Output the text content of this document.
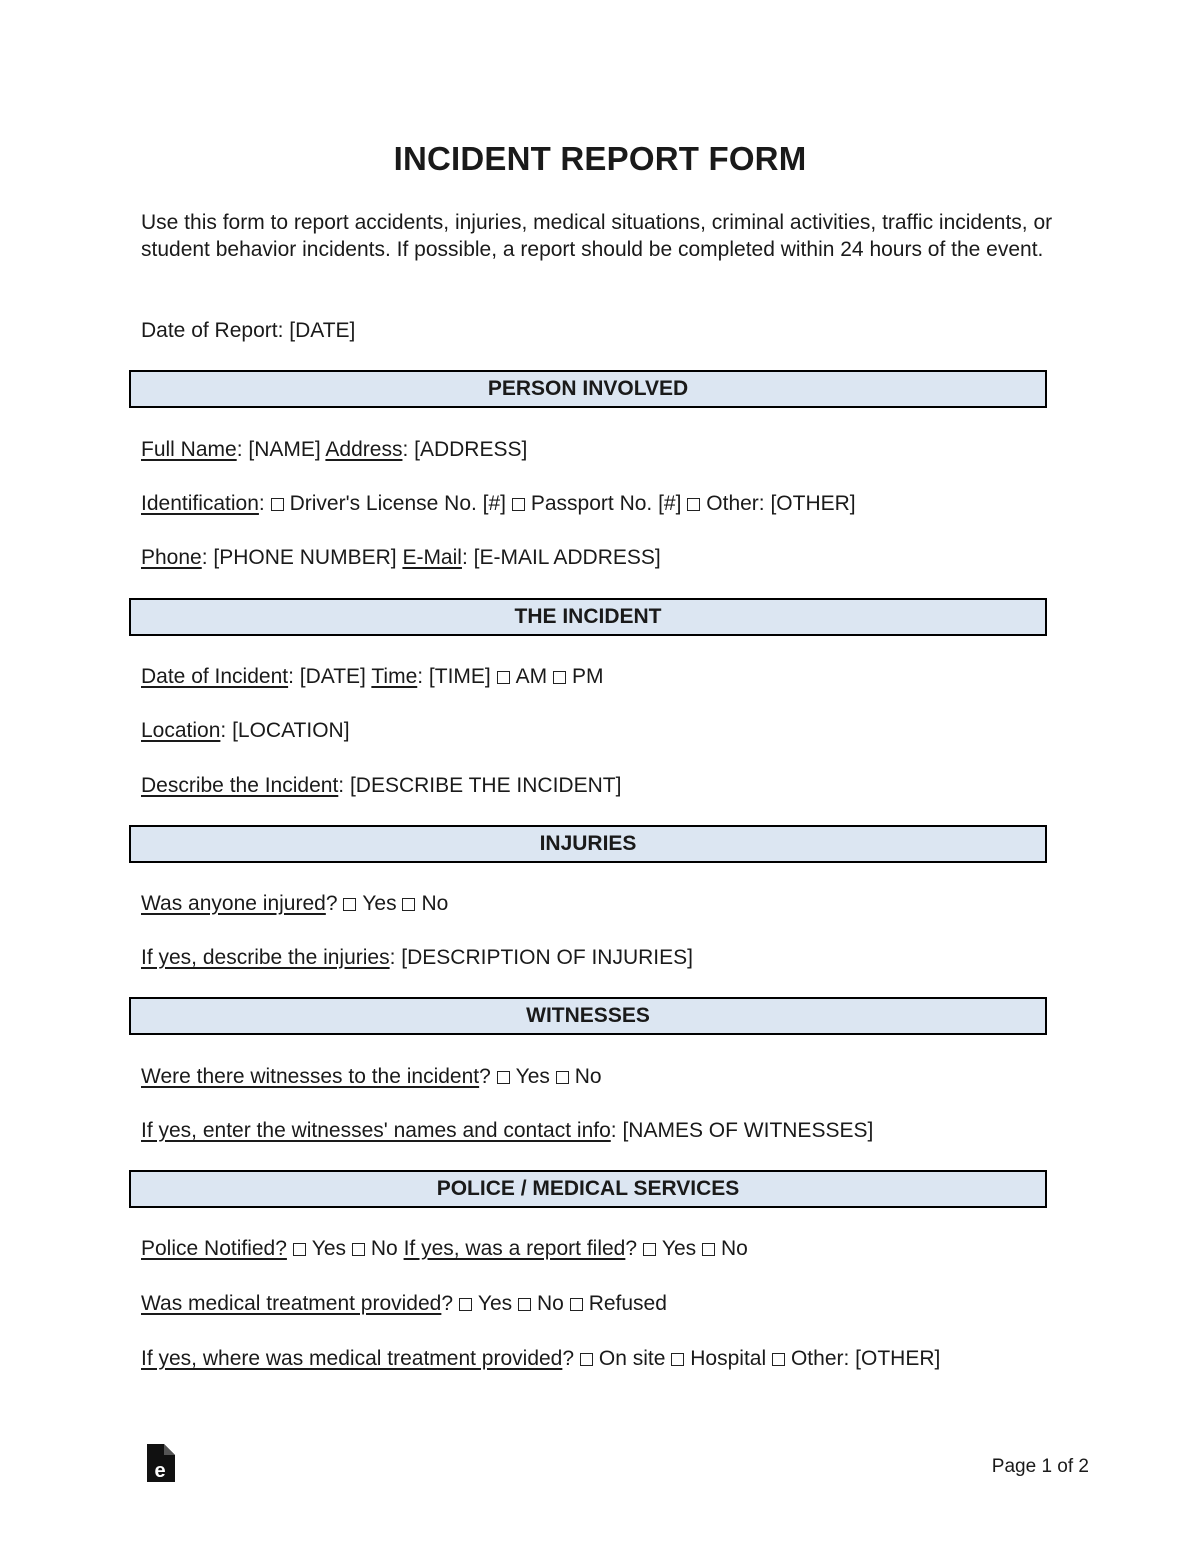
INCIDENT REPORT FORM
Use this form to report accidents, injuries, medical situations, criminal activities, traffic incidents, or student behavior incidents. If possible, a report should be completed within 24 hours of the event.
Date of Report: [DATE]
PERSON INVOLVED
Full Name: [NAME] Address: [ADDRESS]
Identification: Driver's License No. [#] Passport No. [#] Other: [OTHER]
Phone: [PHONE NUMBER] E-Mail: [E-MAIL ADDRESS]
THE INCIDENT
Date of Incident: [DATE] Time: [TIME] AM PM
Location: [LOCATION]
Describe the Incident: [DESCRIBE THE INCIDENT]
INJURIES
Was anyone injured? Yes No
If yes, describe the injuries: [DESCRIPTION OF INJURIES]
WITNESSES
Were there witnesses to the incident? Yes No
If yes, enter the witnesses' names and contact info: [NAMES OF WITNESSES]
POLICE / MEDICAL SERVICES
Police Notified? Yes No If yes, was a report filed? Yes No
Was medical treatment provided? Yes No Refused
If yes, where was medical treatment provided? On site Hospital Other: [OTHER]
e	Page 1 of 2
